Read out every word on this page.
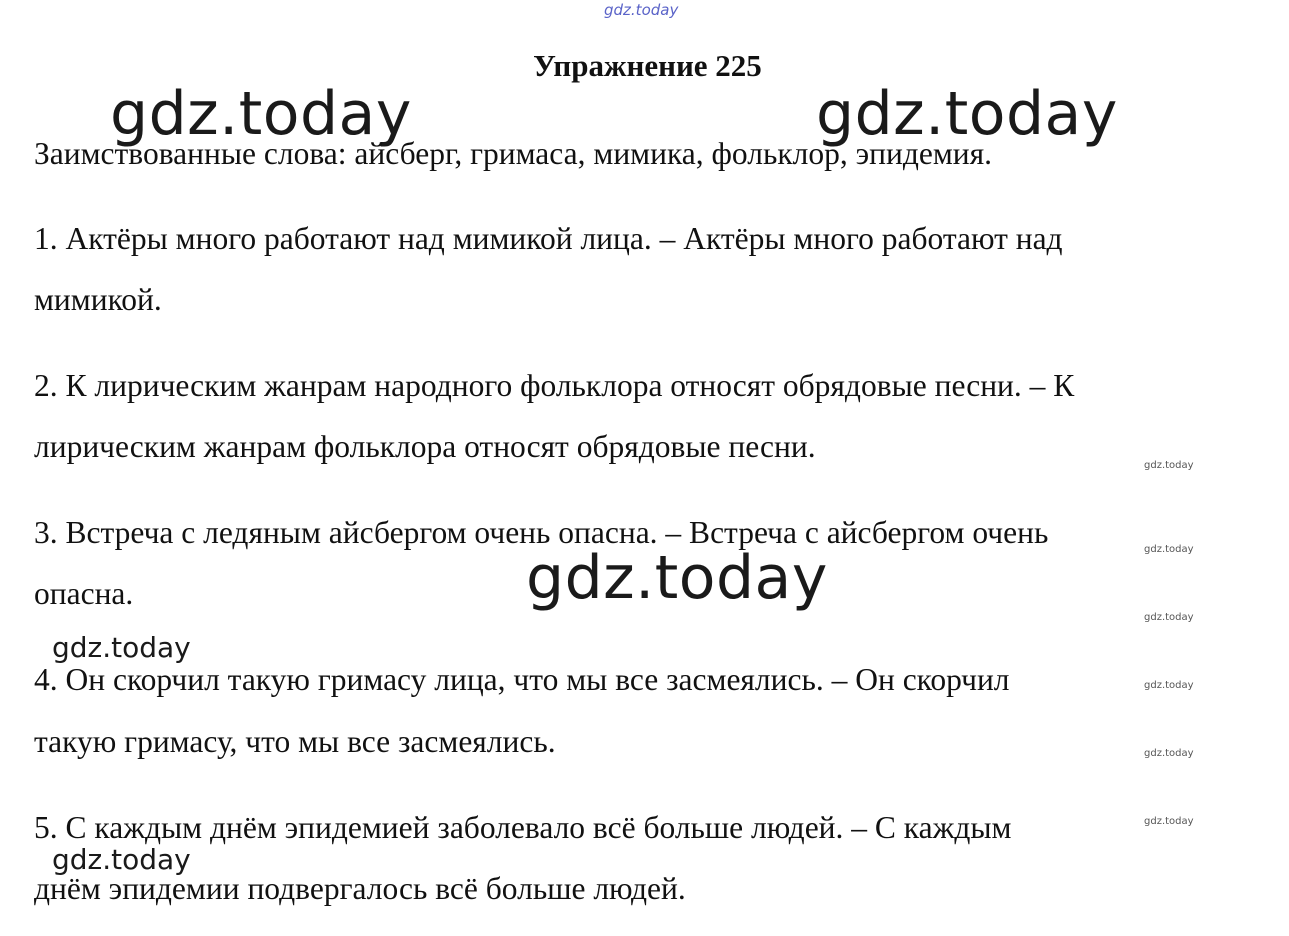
gdz.today
gdz.today	gdz.today
gdz.today
gdz.today
gdz.today
gdz.today
gdz.today
gdz.today
gdz.today
gdz.today
gdz.today
Упражнение 225
Заимствованные слова: айсберг, гримаса, мимика, фольклор, эпидемия.
1. Актёры много работают над мимикой лица. – Актёры много работают над
мимикой.
2. К лирическим жанрам народного фольклора относят обрядовые песни. – К
лирическим жанрам фольклора относят обрядовые песни.
3. Встреча с ледяным айсбергом очень опасна. – Встреча с айсбергом очень
опасна.
4. Он скорчил такую гримасу лица, что мы все засмеялись. – Он скорчил
такую гримасу, что мы все засмеялись.
5. С каждым днём эпидемией заболевало всё больше людей. – С каждым
днём эпидемии подвергалось всё больше людей.
